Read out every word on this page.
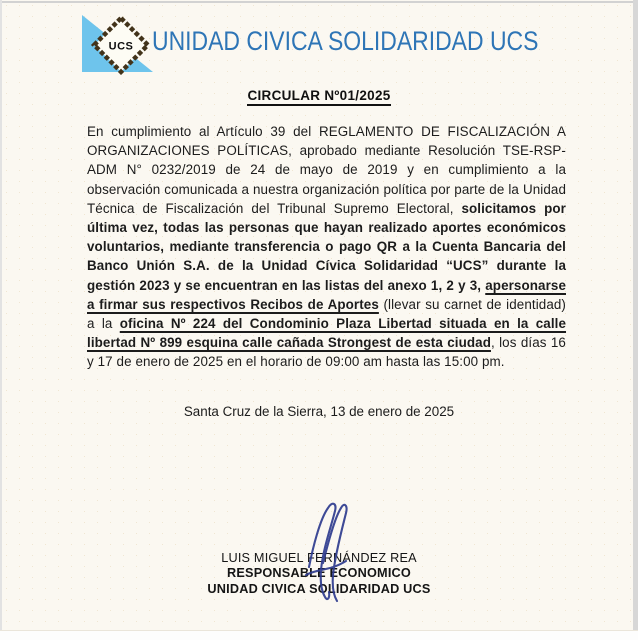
UCS UNIDAD CIVICA SOLIDARIDAD UCS
CIRCULAR Nº01/2025

En cumplimiento al Artículo 39 del REGLAMENTO DE FISCALIZACIÓN A ORGANIZACIONES POLÍTICAS, aprobado mediante Resolución TSE-RSP-ADM N° 0232/2019 de 24 de mayo de 2019 y en cumplimiento a la observación comunicada a nuestra organización política por parte de la Unidad Técnica de Fiscalización del Tribunal Supremo Electoral, solicitamos por última vez, todas las personas que hayan realizado aportes económicos voluntarios, mediante transferencia o pago QR a la Cuenta Bancaria del Banco Unión S.A. de la Unidad Cívica Solidaridad “UCS” durante la gestión 2023 y se encuentran en las listas del anexo 1, 2 y 3, apersonarse a firmar sus respectivos Recibos de Aportes (llevar su carnet de identidad) a la oficina Nº 224 del Condominio Plaza Libertad situada en la calle libertad Nº 899 esquina calle cañada Strongest de esta ciudad, los días 16 y 17 de enero de 2025 en el horario de 09:00 am hasta las 15:00 pm.

Santa Cruz de la Sierra, 13 de enero de 2025
LUIS MIGUEL FERNÁNDEZ REA
RESPONSABLE ECONOMICO
UNIDAD CIVICA SOLIDARIDAD UCS
